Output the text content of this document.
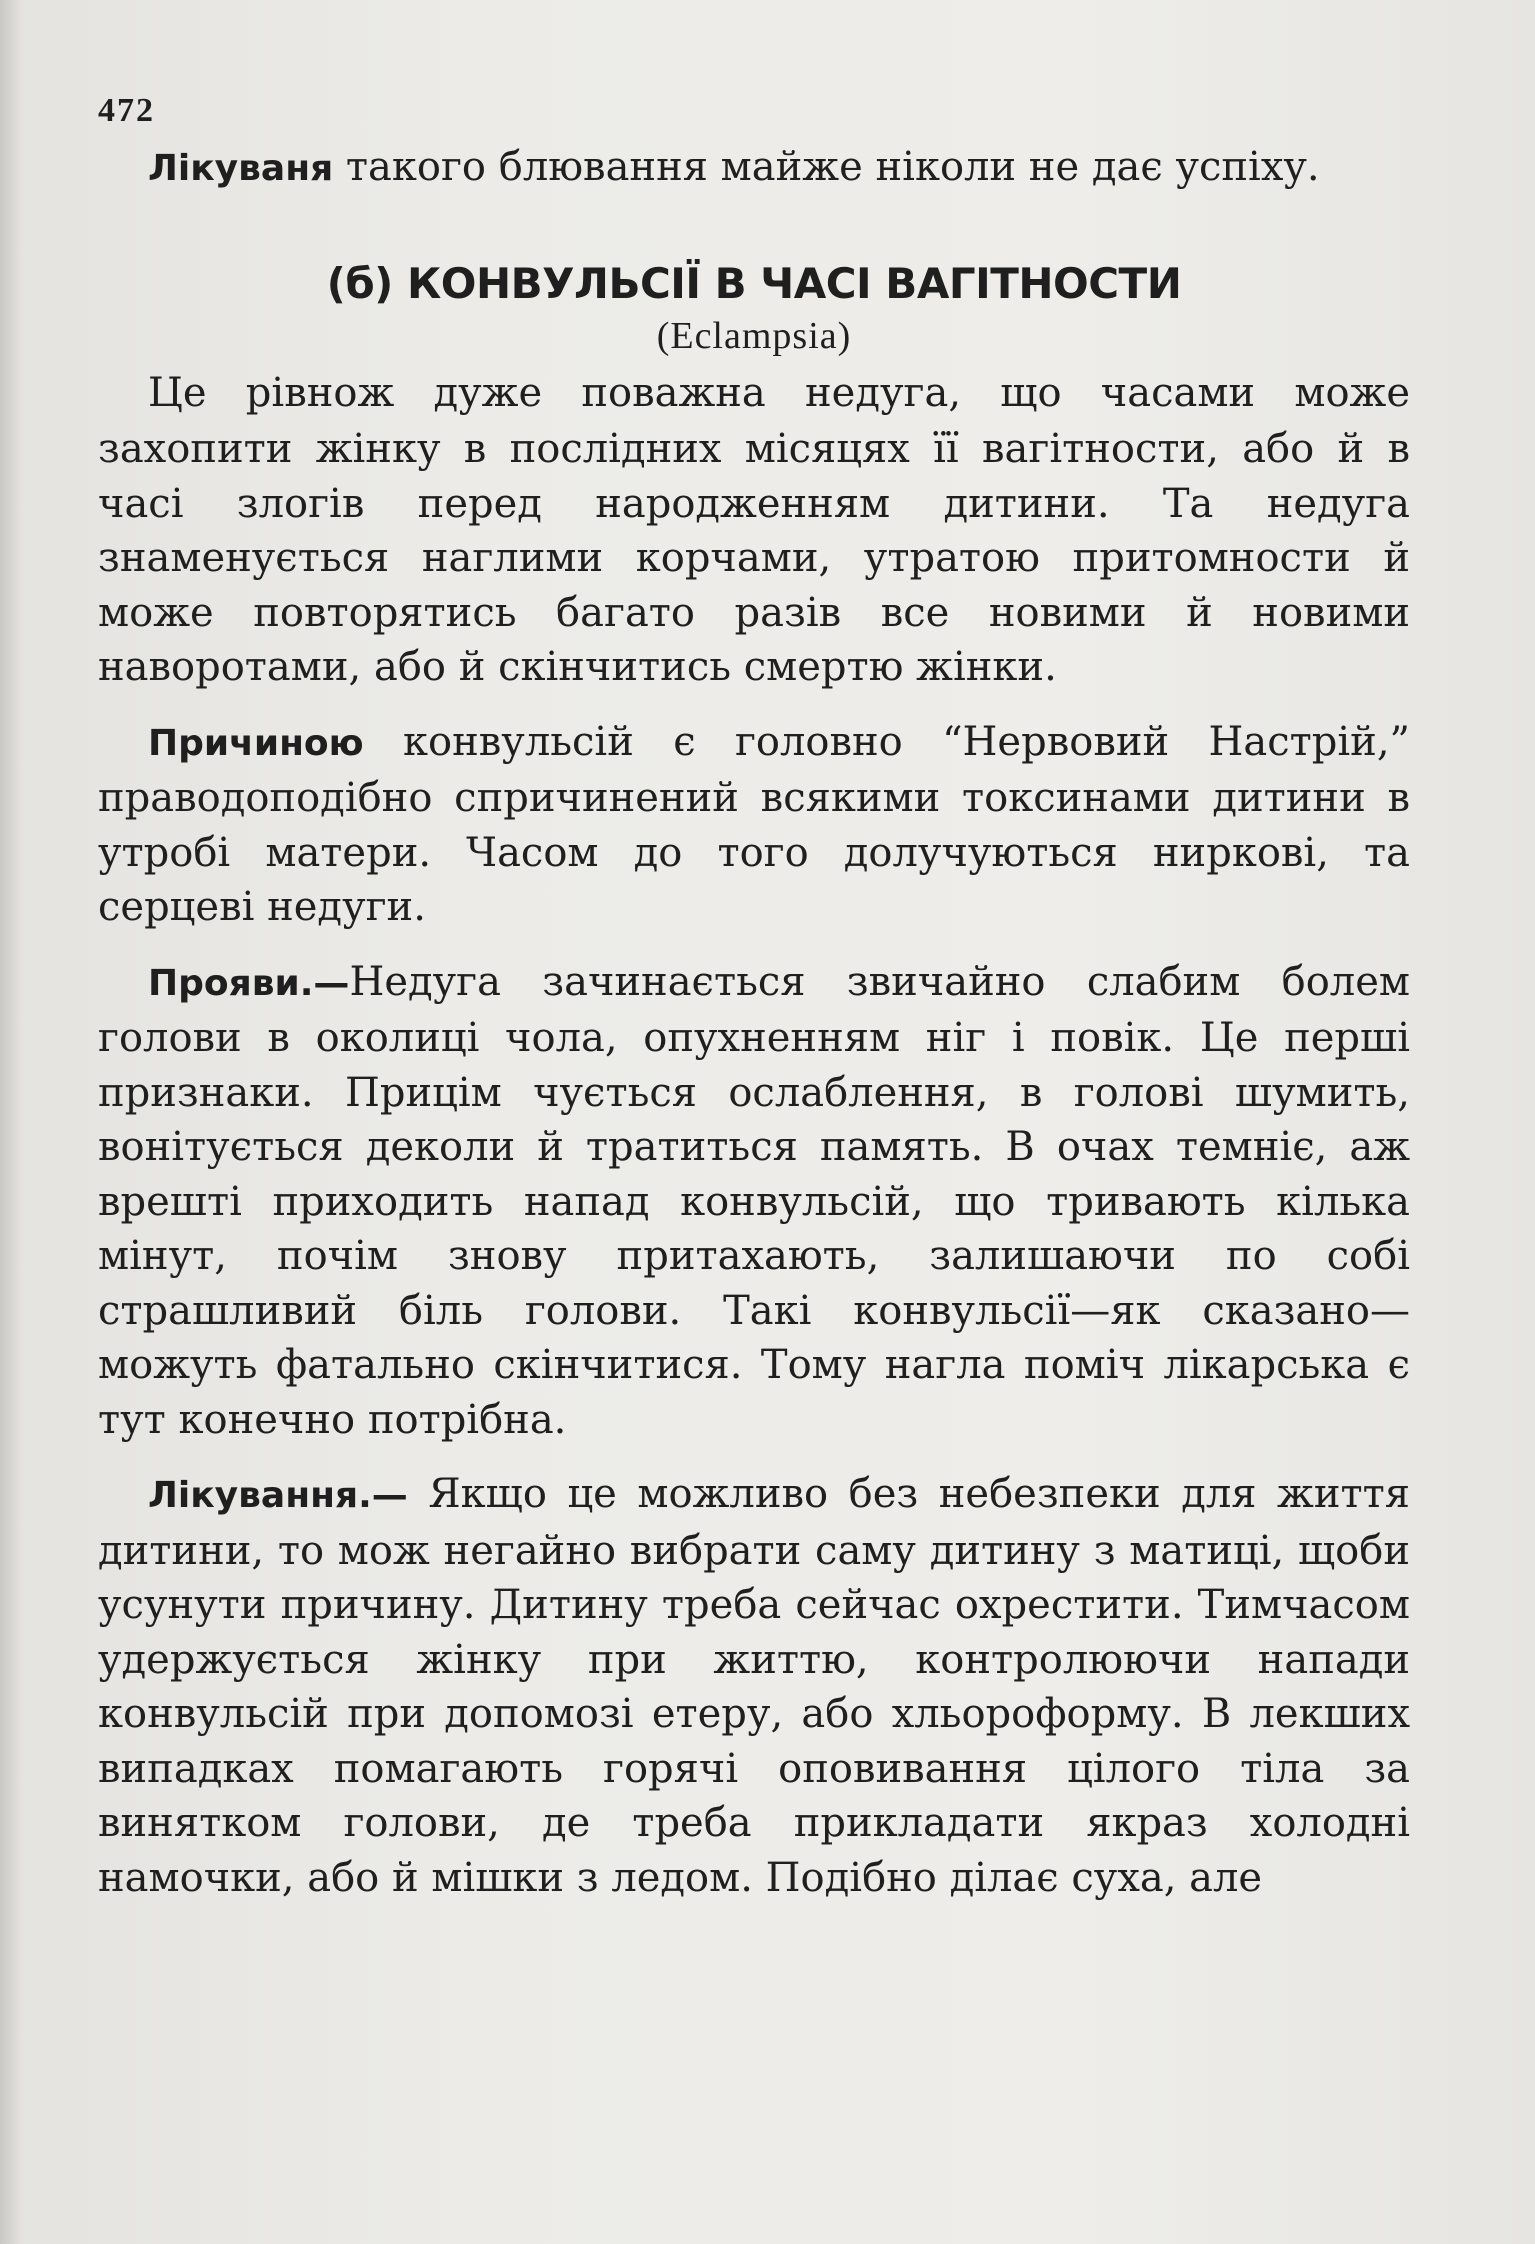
472

Лікуваня такого блювання майже ніколи не дає успіху.

(б) КОНВУЛЬСІЇ В ЧАСІ ВАГІТНОСТИ
(Eclampsia)

Це рівнож дуже поважна недуга, що часами може захопити жінку в послідних місяцях її вагітности, або й в часі злогів перед народженням дитини. Та недуга знаменується наглими корчами, утратою притомности й може повторятись багато разів все новими й новими наворотами, або й скінчитись смертю жінки.

Причиною конвульсій є головно “Нервовий Настрій,” праводоподібно спричинений всякими токсинами дитини в утробі матери. Часом до того долучуються ниркові, та серцеві недуги.

Прояви.—Недуга зачинається звичайно слабим болем голови в околиці чола, опухненням ніг і повік. Це перші признаки. Прицім чується ослаблення, в голові шумить, вонітується деколи й тратиться память. В очах темніє, аж врешті приходить напад конвульсій, що тривають кілька мінут, почім знову притахають, залишаючи по собі страшливий біль голови. Такі конвульсії—як сказано— можуть фатально скінчитися. Тому нагла поміч лікарська є тут конечно потрібна.

Лікування.— Якщо це можливо без небезпеки для життя дитини, то мож негайно вибрати саму дитину з матиці, щоби усунути причину. Дитину треба сейчас охрестити. Тимчасом удержується жінку при життю, контролюючи напади конвульсій при допомозі етеру, або хльороформу. В лекших випадках помагають горячі оповивання цілого тіла за винятком голови, де треба прикладати якраз холодні намочки, або й мішки з ледом. Подібно ділає суха, але
